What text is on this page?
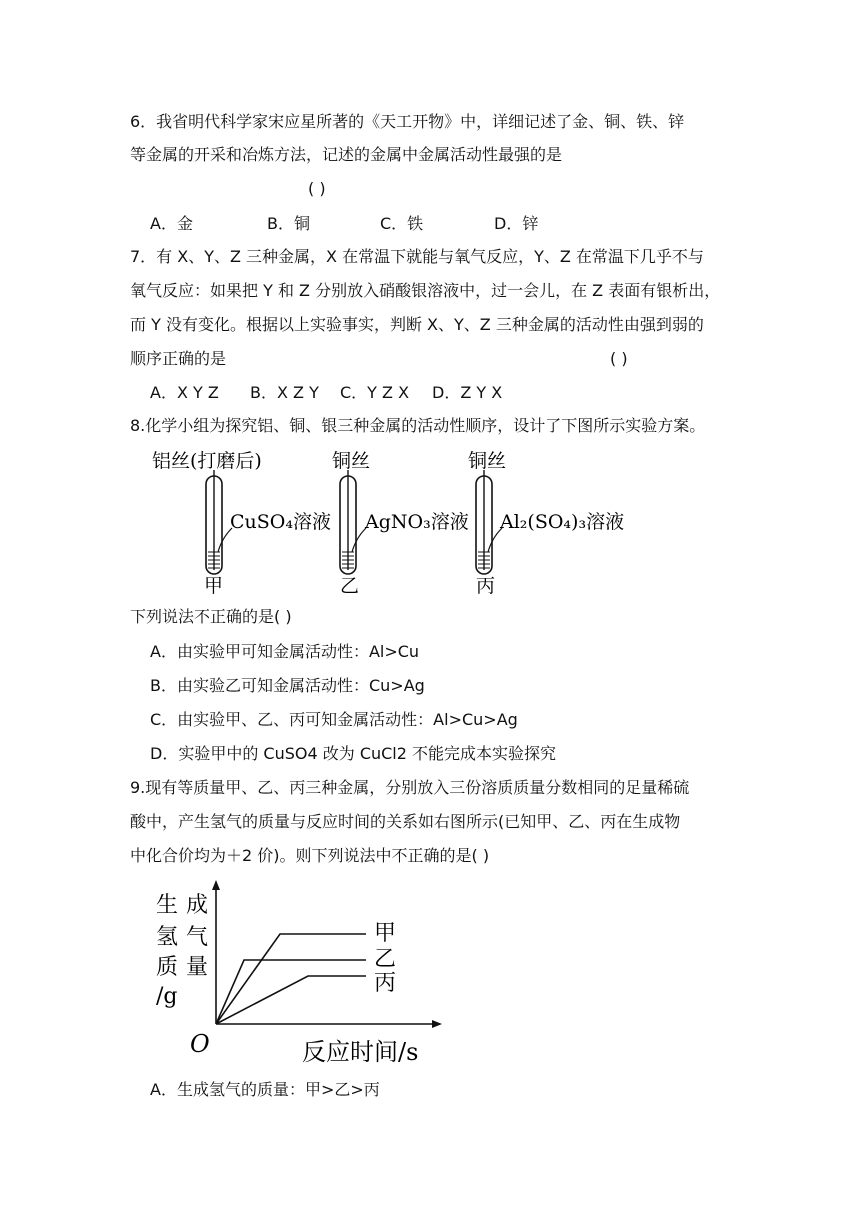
6．我省明代科学家宋应星所著的《天工开物》中，详细记述了金、铜、铁、锌
等金属的开采和冶炼方法，记述的金属中金属活动性最强的是
( )
A．金	B．铜	C．铁	D．锌
7．有 X、Y、Z 三种金属，X 在常温下就能与氧气反应，Y、Z 在常温下几乎不与
氧气反应：如果把 Y 和 Z 分别放入硝酸银溶液中，过一会儿，在 Z 表面有银析出，
而 Y 没有变化。根据以上实验事实，判断 X、Y、Z 三种金属的活动性由强到弱的
顺序正确的是	( )
A．X Y Z B．X Z Y C．Y Z X D．Z Y X
8.化学小组为探究铝、铜、银三种金属的活动性顺序，设计了下图所示实验方案。
铝丝(打磨后)
CuSO₄溶液
甲
铜丝
AgNO₃溶液
乙
铜丝
Al₂(SO₄)₃溶液
丙
下列说法不正确的是( )
A．由实验甲可知金属活动性：Al>Cu
B．由实验乙可知金属活动性：Cu>Ag
C．由实验甲、乙、丙可知金属活动性：Al>Cu>Ag
D．实验甲中的 CuSO4 改为 CuCl2 不能完成本实验探究
9.现有等质量甲、乙、丙三种金属，分别放入三份溶质质量分数相同的足量稀硫
酸中，产生氢气的质量与反应时间的关系如右图所示(已知甲、乙、丙在生成物
中化合价均为＋2 价)。则下列说法中不正确的是( )
生
氢
质
/g
成
气
量
甲
乙
丙
O	反应时间/s
A．生成氢气的质量：甲>乙>丙
